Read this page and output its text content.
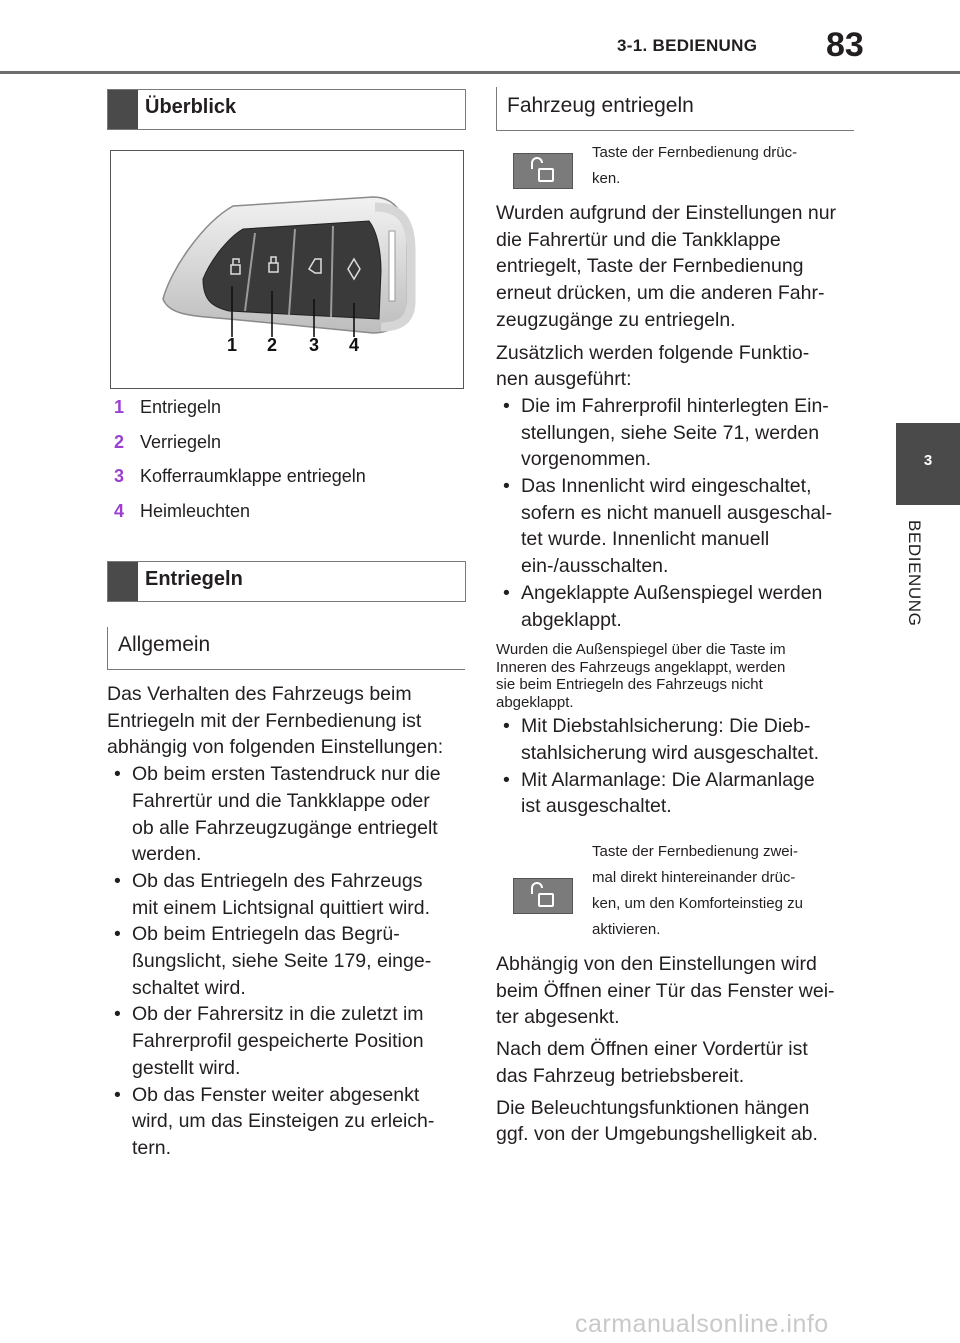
3-1. BEDIENUNG 83
3
BEDIENUNG
Überblick
1 2 3 4
1 Entriegeln
2 Verriegeln
3 Kofferraumklappe entriegeln
4 Heimleuchten
Entriegeln
Allgemein
Das Verhalten des Fahrzeugs beim
Entriegeln mit der Fernbedienung ist
abhängig von folgenden Einstellungen:
• Ob beim ersten Tastendruck nur die
Fahrertür und die Tankklappe oder
ob alle Fahrzeugzugänge entriegelt
werden.
• Ob das Entriegeln des Fahrzeugs
mit einem Lichtsignal quittiert wird.
• Ob beim Entriegeln das Begrü-
ßungslicht, siehe Seite 179, einge-
schaltet wird.
• Ob der Fahrersitz in die zuletzt im
Fahrerprofil gespeicherte Position
gestellt wird.
• Ob das Fenster weiter abgesenkt
wird, um das Einsteigen zu erleich-
tern.
Fahrzeug entriegeln
Taste der Fernbedienung drüc-
ken.
Wurden aufgrund der Einstellungen nur
die Fahrertür und die Tankklappe
entriegelt, Taste der Fernbedienung
erneut drücken, um die anderen Fahr-
zeugzugänge zu entriegeln.
Zusätzlich werden folgende Funktio-
nen ausgeführt:
• Die im Fahrerprofil hinterlegten Ein-
stellungen, siehe Seite 71, werden
vorgenommen.
• Das Innenlicht wird eingeschaltet,
sofern es nicht manuell ausgeschal-
tet wurde. Innenlicht manuell
ein-/ausschalten.
• Angeklappte Außenspiegel werden
abgeklappt.
Wurden die Außenspiegel über die Taste im
Inneren des Fahrzeugs angeklappt, werden
sie beim Entriegeln des Fahrzeugs nicht
abgeklappt.
• Mit Diebstahlsicherung: Die Dieb-
stahlsicherung wird ausgeschaltet.
• Mit Alarmanlage: Die Alarmanlage
ist ausgeschaltet.
Taste der Fernbedienung zwei-
mal direkt hintereinander drüc-
ken, um den Komforteinstieg zu
aktivieren.
Abhängig von den Einstellungen wird
beim Öffnen einer Tür das Fenster wei-
ter abgesenkt.
Nach dem Öffnen einer Vordertür ist
das Fahrzeug betriebsbereit.
Die Beleuchtungsfunktionen hängen
ggf. von der Umgebungshelligkeit ab.
carmanualsonline.info
